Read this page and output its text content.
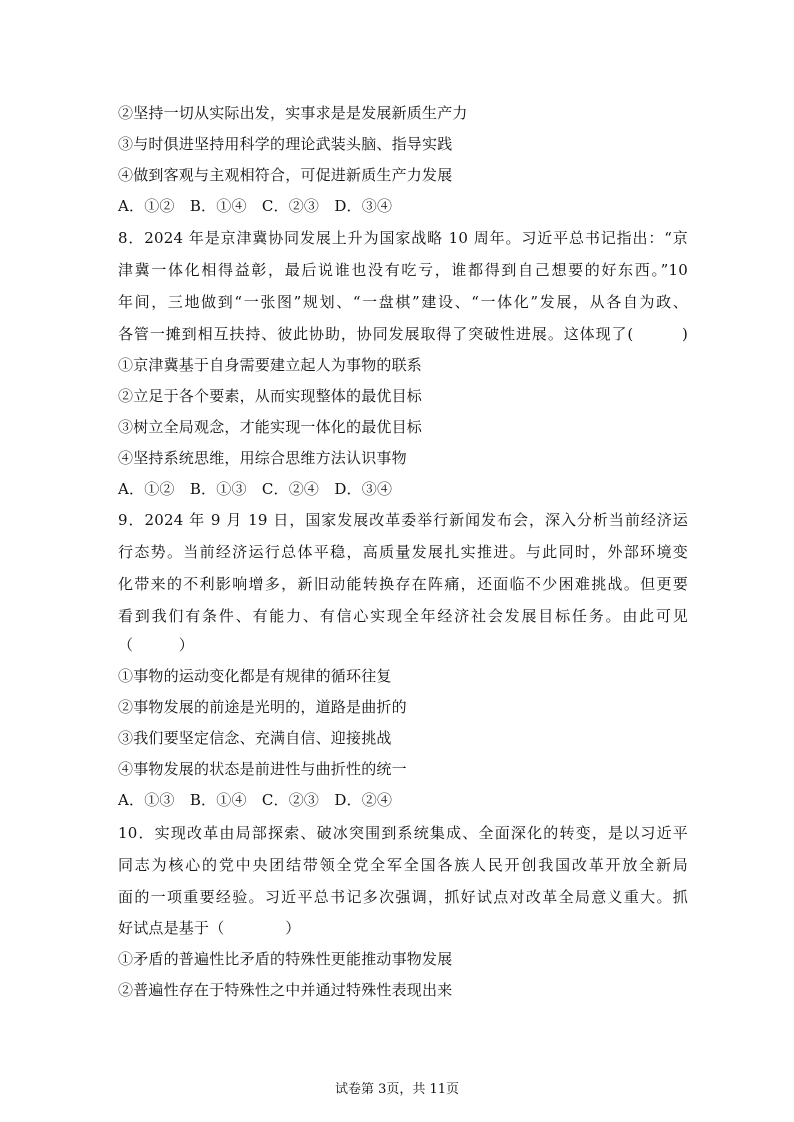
②坚持一切从实际出发，实事求是是发展新质生产力
③与时俱进坚持用科学的理论武装头脑、指导实践
④做到客观与主观相符合，可促进新质生产力发展
A．①②　B．①④　C．②③　D．③④
8．2024 年是京津冀协同发展上升为国家战略 10 周年。习近平总书记指出：“京
津冀一体化相得益彰，最后说谁也没有吃亏，谁都得到自己想要的好东西。”10
年间，三地做到“一张图”规划、“一盘棋”建设、“一体化”发展，从各自为政、
各管一摊到相互扶持、彼此协助，协同发展取得了突破性进展。这体现了(　　　)
①京津冀基于自身需要建立起人为事物的联系
②立足于各个要素，从而实现整体的最优目标
③树立全局观念，才能实现一体化的最优目标
④坚持系统思维，用综合思维方法认识事物
A．①②　B．①③　C．②④　D．③④
9．2024 年 9 月 19 日，国家发展改革委举行新闻发布会，深入分析当前经济运
行态势。当前经济运行总体平稳，高质量发展扎实推进。与此同时，外部环境变
化带来的不利影响增多，新旧动能转换存在阵痛，还面临不少困难挑战。但更要
看到我们有条件、有能力、有信心实现全年经济社会发展目标任务。由此可见
（　　　）
①事物的运动变化都是有规律的循环往复
②事物发展的前途是光明的，道路是曲折的
③我们要坚定信念、充满自信、迎接挑战
④事物发展的状态是前进性与曲折性的统一
A．①③　B．①④　C．②③　D．②④
10．实现改革由局部探索、破冰突围到系统集成、全面深化的转变，是以习近平
同志为核心的党中央团结带领全党全军全国各族人民开创我国改革开放全新局
面的一项重要经验。习近平总书记多次强调，抓好试点对改革全局意义重大。抓
好试点是基于（　　　　）
①矛盾的普遍性比矛盾的特殊性更能推动事物发展
②普遍性存在于特殊性之中并通过特殊性表现出来
试卷第 3页，共 11页
